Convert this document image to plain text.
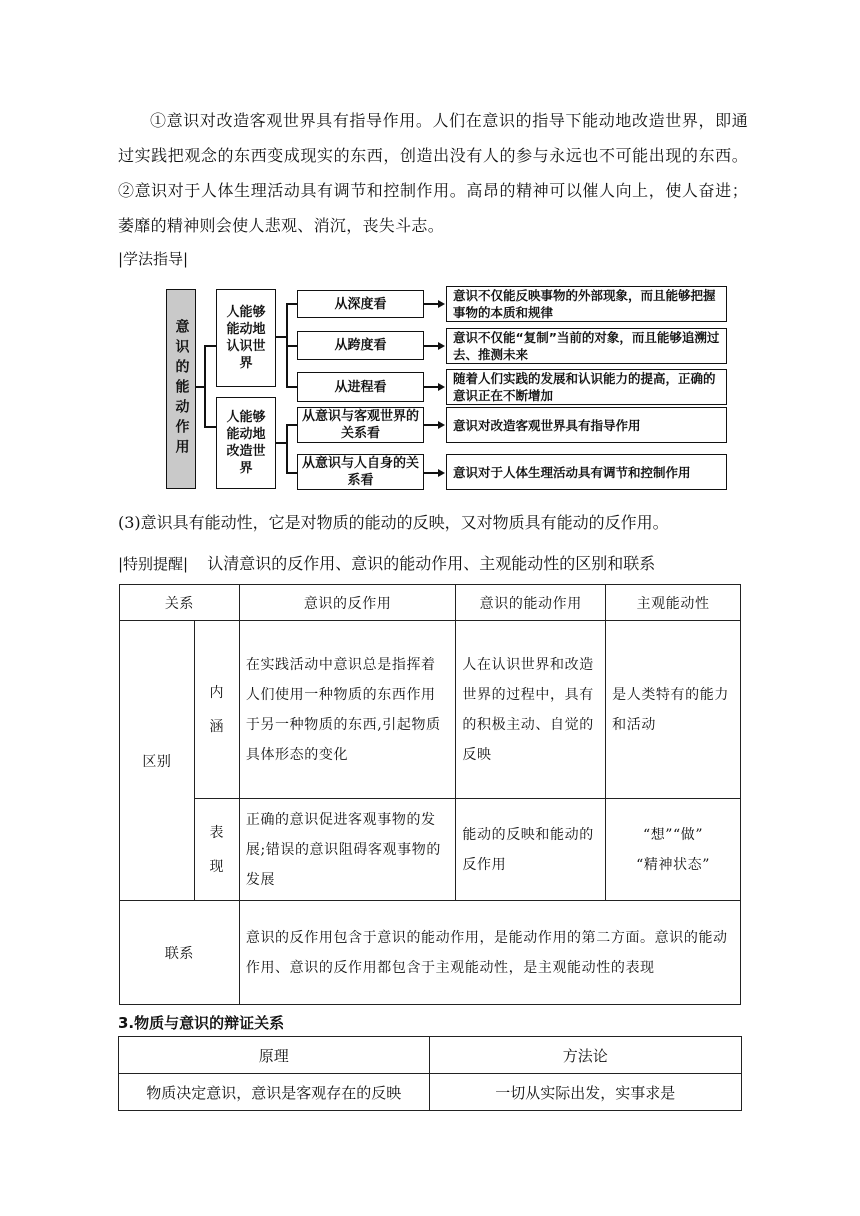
①意识对改造客观世界具有指导作用。人们在意识的指导下能动地改造世界，即通过实践把观念的东西变成现实的东西，创造出没有人的参与永远也不可能出现的东西。②意识对于人体生理活动具有调节和控制作用。高昂的精神可以催人向上，使人奋进；萎靡的精神则会使人悲观、消沉，丧失斗志。

|学法指导|
意识的能动作用
人能够能动地认识世界
人能够能动地改造世界
从深度看
从跨度看
从进程看
从意识与客观世界的关系看
从意识与人自身的关系看
意识不仅能反映事物的外部现象，而且能够把握事物的本质和规律
意识不仅能“复制”当前的对象，而且能够追溯过去、推测未来
随着人们实践的发展和认识能力的提高，正确的意识正在不断增加
意识对改造客观世界具有指导作用
意识对于人体生理活动具有调节和控制作用
(3)意识具有能动性，它是对物质的能动的反映，又对物质具有能动的反作用。
|特别提醒| 认清意识的反作用、意识的能动作用、主观能动性的区别和联系
关系		意识的反作用	意识的能动作用	主观能动性
区别	内涵	在实践活动中意识总是指挥着人们使用一种物质的东西作用于另一种物质的东西,引起物质具体形态的变化	人在认识世界和改造世界的过程中，具有的积极主动、自觉的反映	是人类特有的能力和活动
	表现	正确的意识促进客观事物的发展;错误的意识阻碍客观事物的发展	能动的反映和能动的反作用	“想”“做”
“精神状态”

联系		意识的反作用包含于意识的能动作用，是能动作用的第二方面。意识的能动作用、意识的反作用都包含于主观能动性，是主观能动性的表现		
3.物质与意识的辩证关系
原理	方法论
物质决定意识，意识是客观存在的反映	一切从实际出发，实事求是
